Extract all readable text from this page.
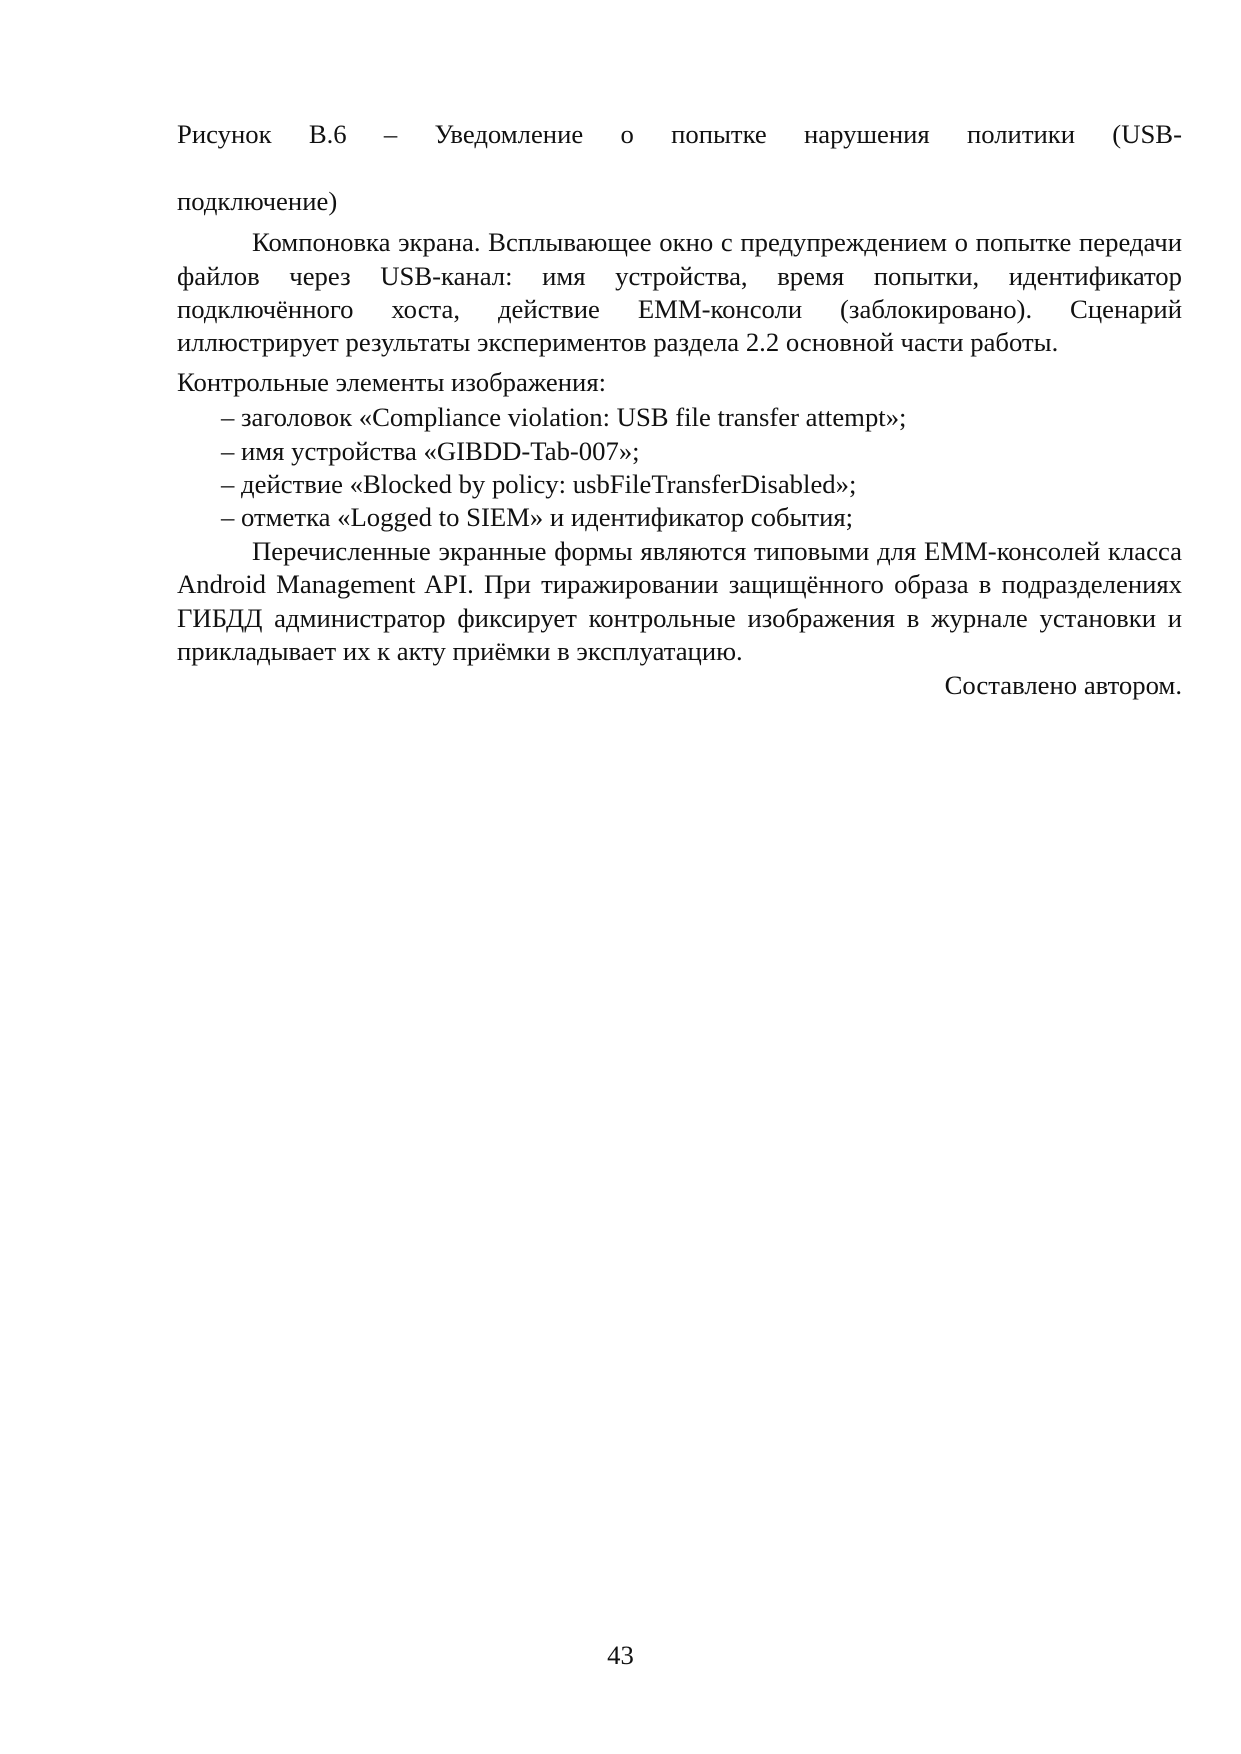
Рисунок В.6 – Уведомление о попытке нарушения политики (USB-

подключение)

Компоновка экрана. Всплывающее окно с предупреждением о попытке передачи файлов через USB-канал: имя устройства, время попытки, идентификатор подключённого хоста, действие EMM-консоли (заблокировано). Сценарий иллюстрирует результаты экспериментов раздела 2.2 основной части работы.

Контрольные элементы изображения:

– заголовок «Compliance violation: USB file transfer attempt»;
– имя устройства «GIBDD-Tab-007»;
– действие «Blocked by policy: usbFileTransferDisabled»;
– отметка «Logged to SIEM» и идентификатор события;

Перечисленные экранные формы являются типовыми для EMM-консолей класса Android Management API. При тиражировании защищённого образа в подразделениях ГИБДД администратор фиксирует контрольные изображения в журнале установки и прикладывает их к акту приёмки в эксплуатацию.

Составлено автором.

43
